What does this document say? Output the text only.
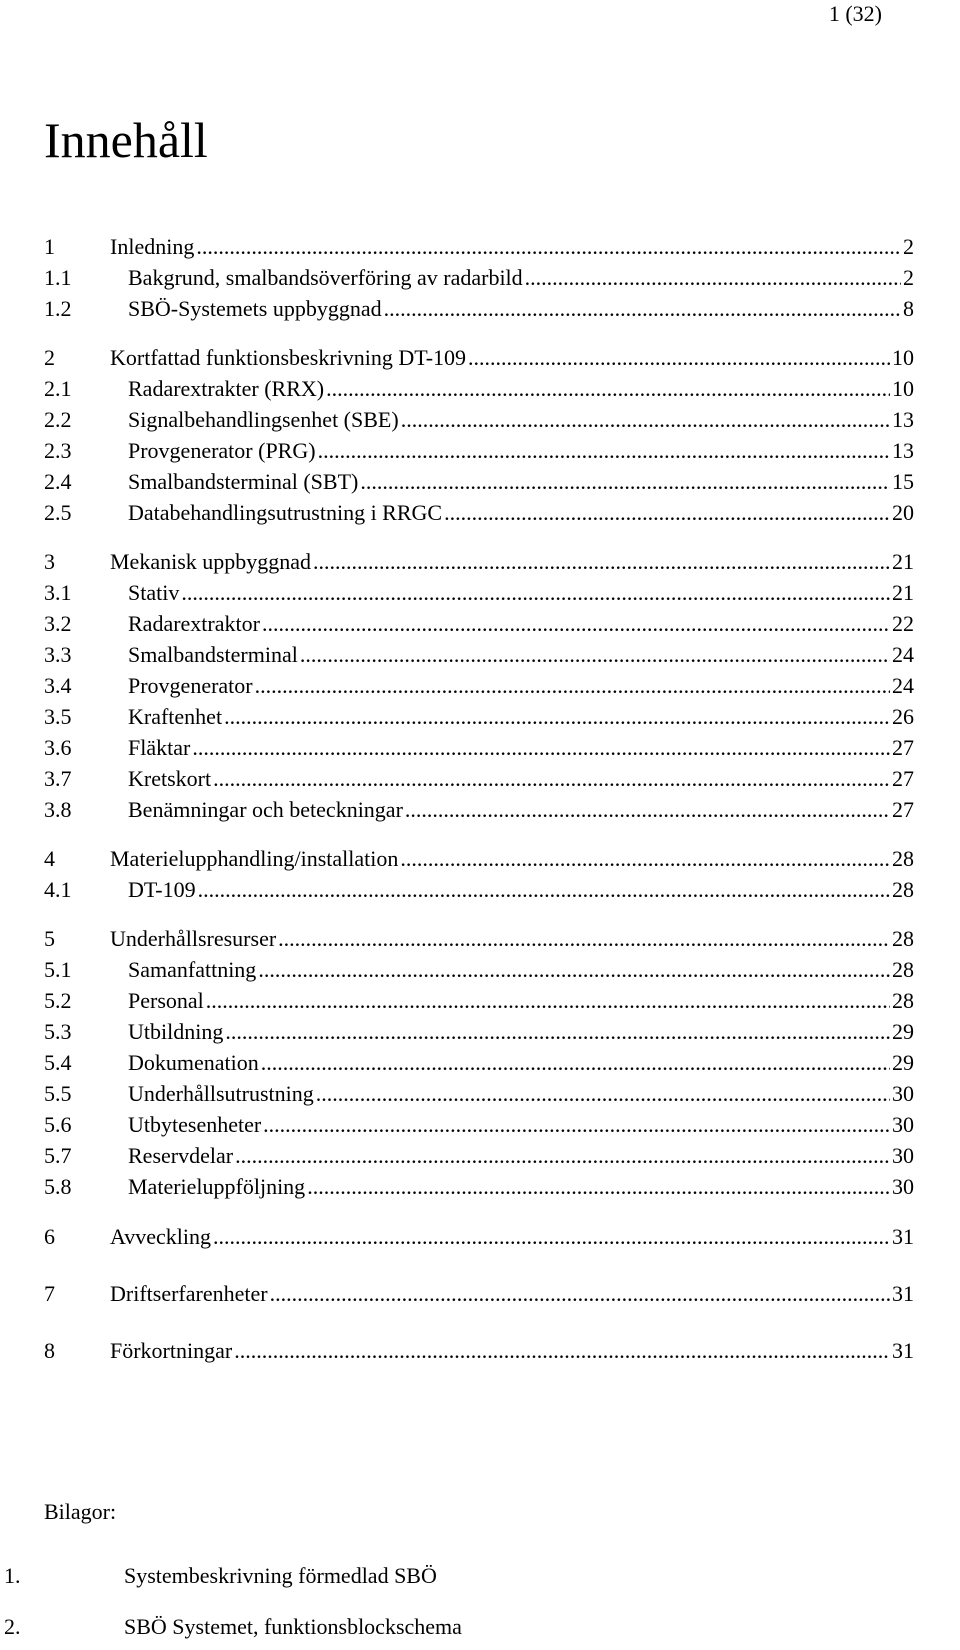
1 (32)
Innehåll
1	Inledning .....	2
1.1	Bakgrund, smalbandsöverföring av radarbild .....	2
1.2	SBÖ-Systemets uppbyggnad .....	8
2	Kortfattad funktionsbeskrivning DT-109 .....	10
2.1	Radarextrakter (RRX) .....	10
2.2	Signalbehandlingsenhet (SBE) .....	13
2.3	Provgenerator (PRG) .....	13
2.4	Smalbandsterminal (SBT) .....	15
2.5	Databehandlingsutrustning i RRGC .....	20
3	Mekanisk uppbyggnad .....	21
3.1	Stativ .....	21
3.2	Radarextraktor .....	22
3.3	Smalbandsterminal .....	24
3.4	Provgenerator .....	24
3.5	Kraftenhet .....	26
3.6	Fläktar .....	27
3.7	Kretskort .....	27
3.8	Benämningar och beteckningar .....	27
4	Materielupphandling/installation .....	28
4.1	DT-109 .....	28
5	Underhållsresurser .....	28
5.1	Samanfattning .....	28
5.2	Personal .....	28
5.3	Utbildning .....	29
5.4	Dokumenation .....	29
5.5	Underhållsutrustning .....	30
5.6	Utbytesenheter .....	30
5.7	Reservdelar .....	30
5.8	Materieluppföljning .....	30
6	Avveckling .....	31
7	Driftserfarenheter .....	31
8	Förkortningar .....	31
Bilagor:
1.	Systembeskrivning förmedlad SBÖ
2.	SBÖ Systemet, funktionsblockschema
